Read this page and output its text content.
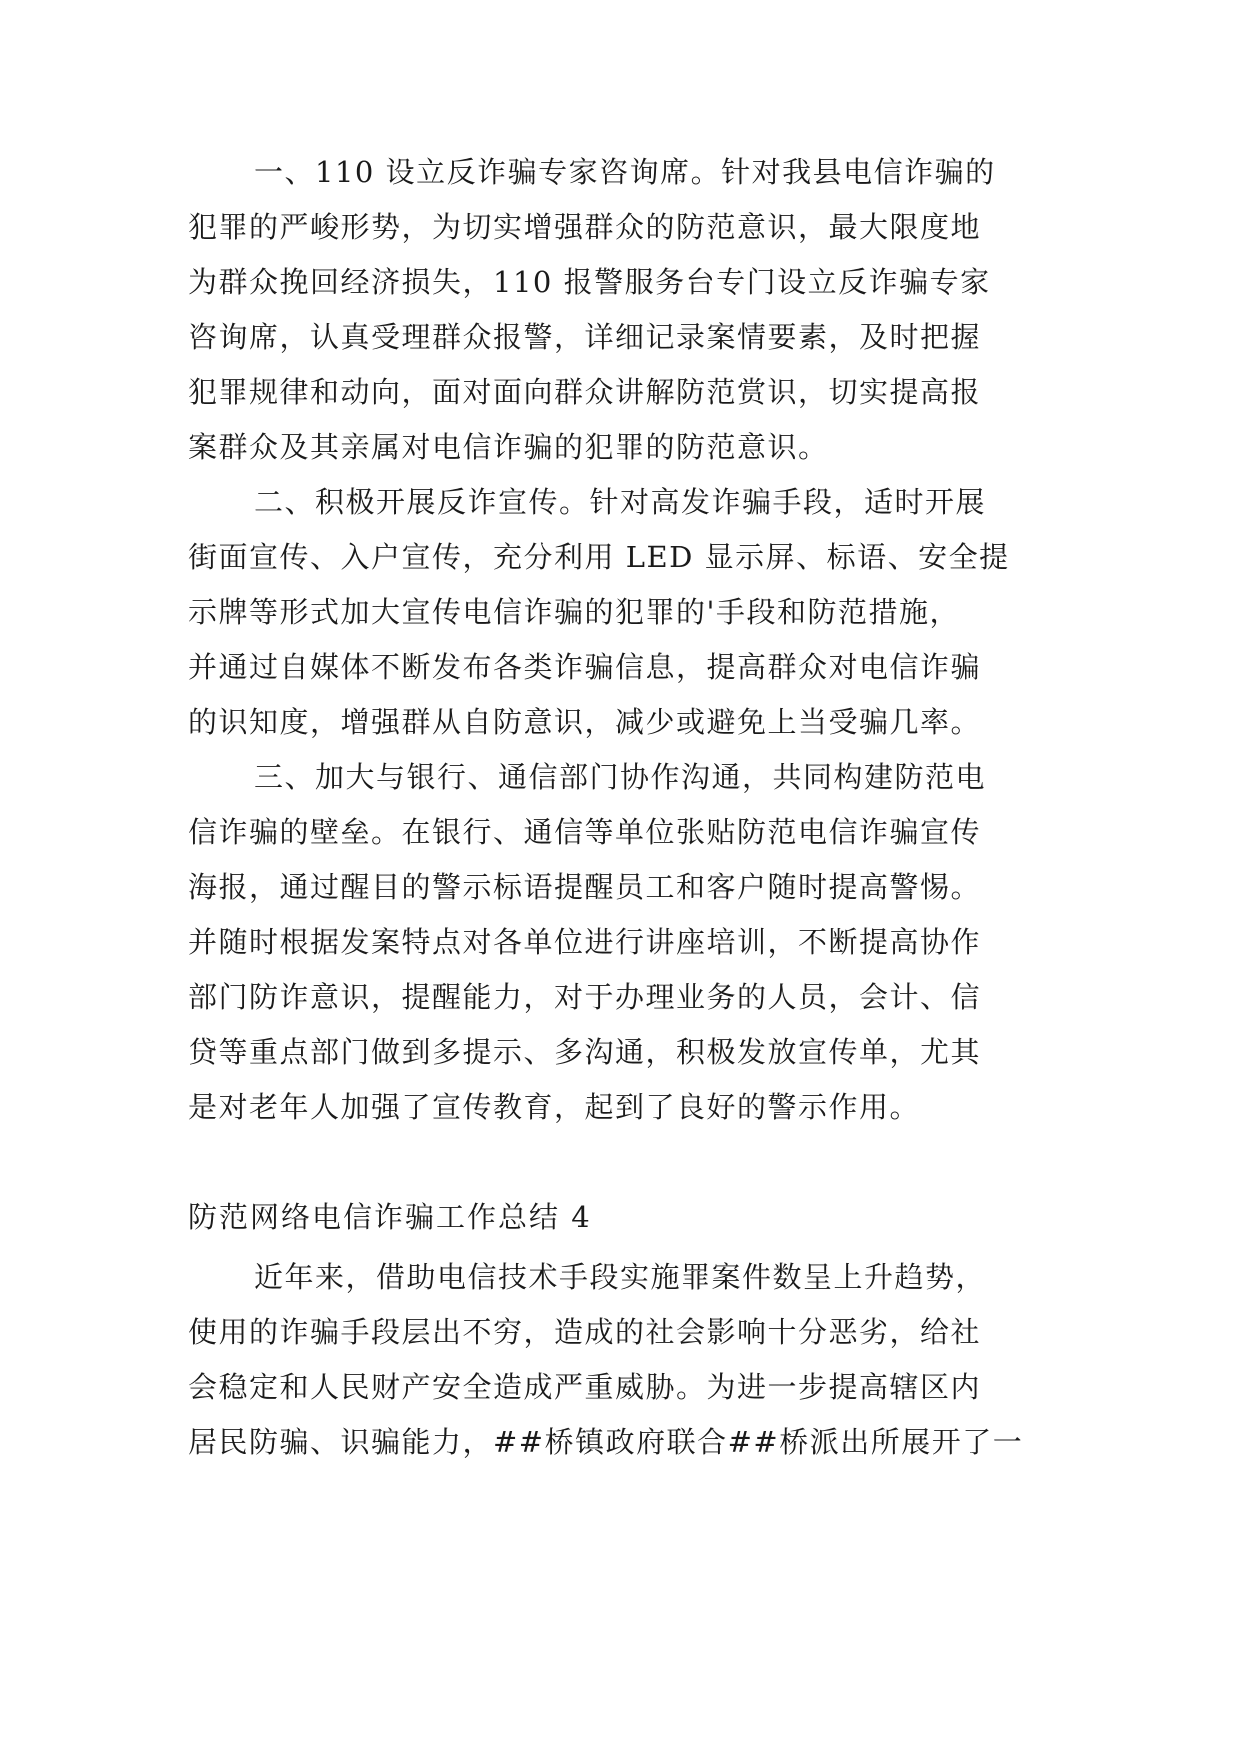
一、110 设立反诈骗专家咨询席。针对我县电信诈骗的
犯罪的严峻形势，为切实增强群众的防范意识，最大限度地
为群众挽回经济损失，110 报警服务台专门设立反诈骗专家
咨询席，认真受理群众报警，详细记录案情要素，及时把握
犯罪规律和动向，面对面向群众讲解防范赏识，切实提高报
案群众及其亲属对电信诈骗的犯罪的防范意识。
二、积极开展反诈宣传。针对高发诈骗手段，适时开展
街面宣传、入户宣传，充分利用 LED 显示屏、标语、安全提
示牌等形式加大宣传电信诈骗的犯罪的'手段和防范措施，
并通过自媒体不断发布各类诈骗信息，提高群众对电信诈骗
的识知度，增强群从自防意识，减少或避免上当受骗几率。
三、加大与银行、通信部门协作沟通，共同构建防范电
信诈骗的壁垒。在银行、通信等单位张贴防范电信诈骗宣传
海报，通过醒目的警示标语提醒员工和客户随时提高警惕。
并随时根据发案特点对各单位进行讲座培训，不断提高协作
部门防诈意识，提醒能力，对于办理业务的人员，会计、信
贷等重点部门做到多提示、多沟通，积极发放宣传单，尤其
是对老年人加强了宣传教育，起到了良好的警示作用。
防范网络电信诈骗工作总结 4
近年来，借助电信技术手段实施罪案件数呈上升趋势，
使用的诈骗手段层出不穷，造成的社会影响十分恶劣，给社
会稳定和人民财产安全造成严重威胁。为进一步提高辖区内
居民防骗、识骗能力，##桥镇政府联合##桥派出所展开了一
